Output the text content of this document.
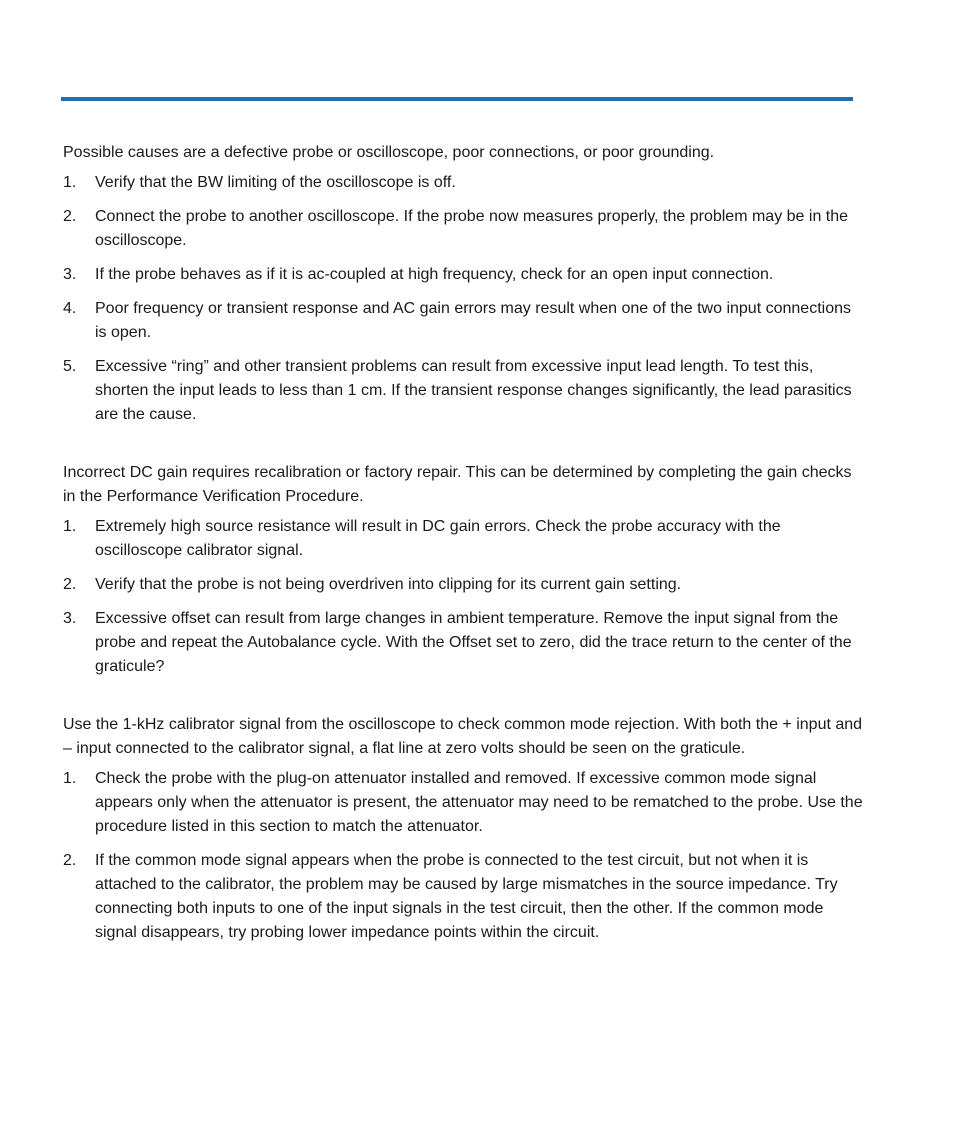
Possible causes are a defective probe or oscilloscope, poor connections, or poor grounding.

1.	Verify that the BW limiting of the oscilloscope is off.
2.	Connect the probe to another oscilloscope. If the probe now measures properly, the problem may be in the oscilloscope.
3.	If the probe behaves as if it is ac-coupled at high frequency, check for an open input connection.
4.	Poor frequency or transient response and AC gain errors may result when one of the two input connections is open.
5.	Excessive “ring” and other transient problems can result from excessive input lead length. To test this, shorten the input leads to less than 1 cm. If the transient response changes significantly, the lead parasitics are the cause.

Incorrect DC gain requires recalibration or factory repair. This can be determined by completing the gain checks in the Performance Verification Procedure.

1.	Extremely high source resistance will result in DC gain errors. Check the probe accuracy with the oscilloscope calibrator signal.
2.	Verify that the probe is not being overdriven into clipping for its current gain setting.
3.	Excessive offset can result from large changes in ambient temperature. Remove the input signal from the probe and repeat the Autobalance cycle. With the Offset set to zero, did the trace return to the center of the graticule?

Use the 1-kHz calibrator signal from the oscilloscope to check common mode rejection. With both the + input and – input connected to the calibrator signal, a flat line at zero volts should be seen on the graticule.

1.	Check the probe with the plug-on attenuator installed and removed. If excessive common mode signal appears only when the attenuator is present, the attenuator may need to be rematched to the probe. Use the procedure listed in this section to match the attenuator.
2.	If the common mode signal appears when the probe is connected to the test circuit, but not when it is attached to the calibrator, the problem may be caused by large mismatches in the source impedance. Try connecting both inputs to one of the input signals in the test circuit, then the other. If the common mode signal disappears, try probing lower impedance points within the circuit.
